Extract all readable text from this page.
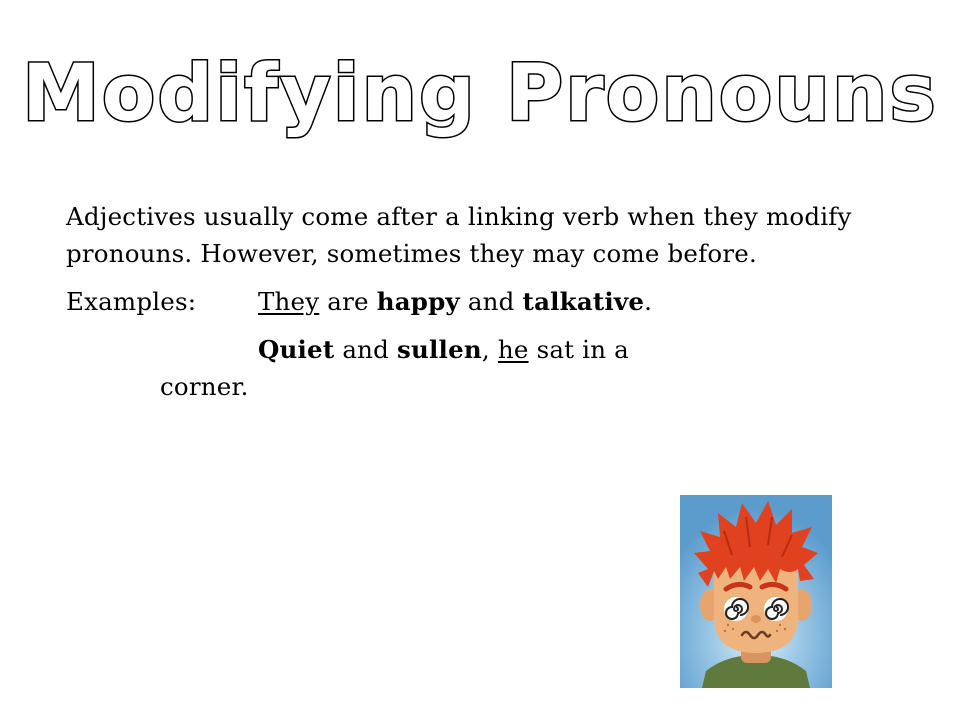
Modifying Pronouns

Adjectives usually come after a linking verb when they modify pronouns. However, sometimes they may come before.

Examples:	They are happy and talkative.

Quiet and sullen, he sat in a

corner.
